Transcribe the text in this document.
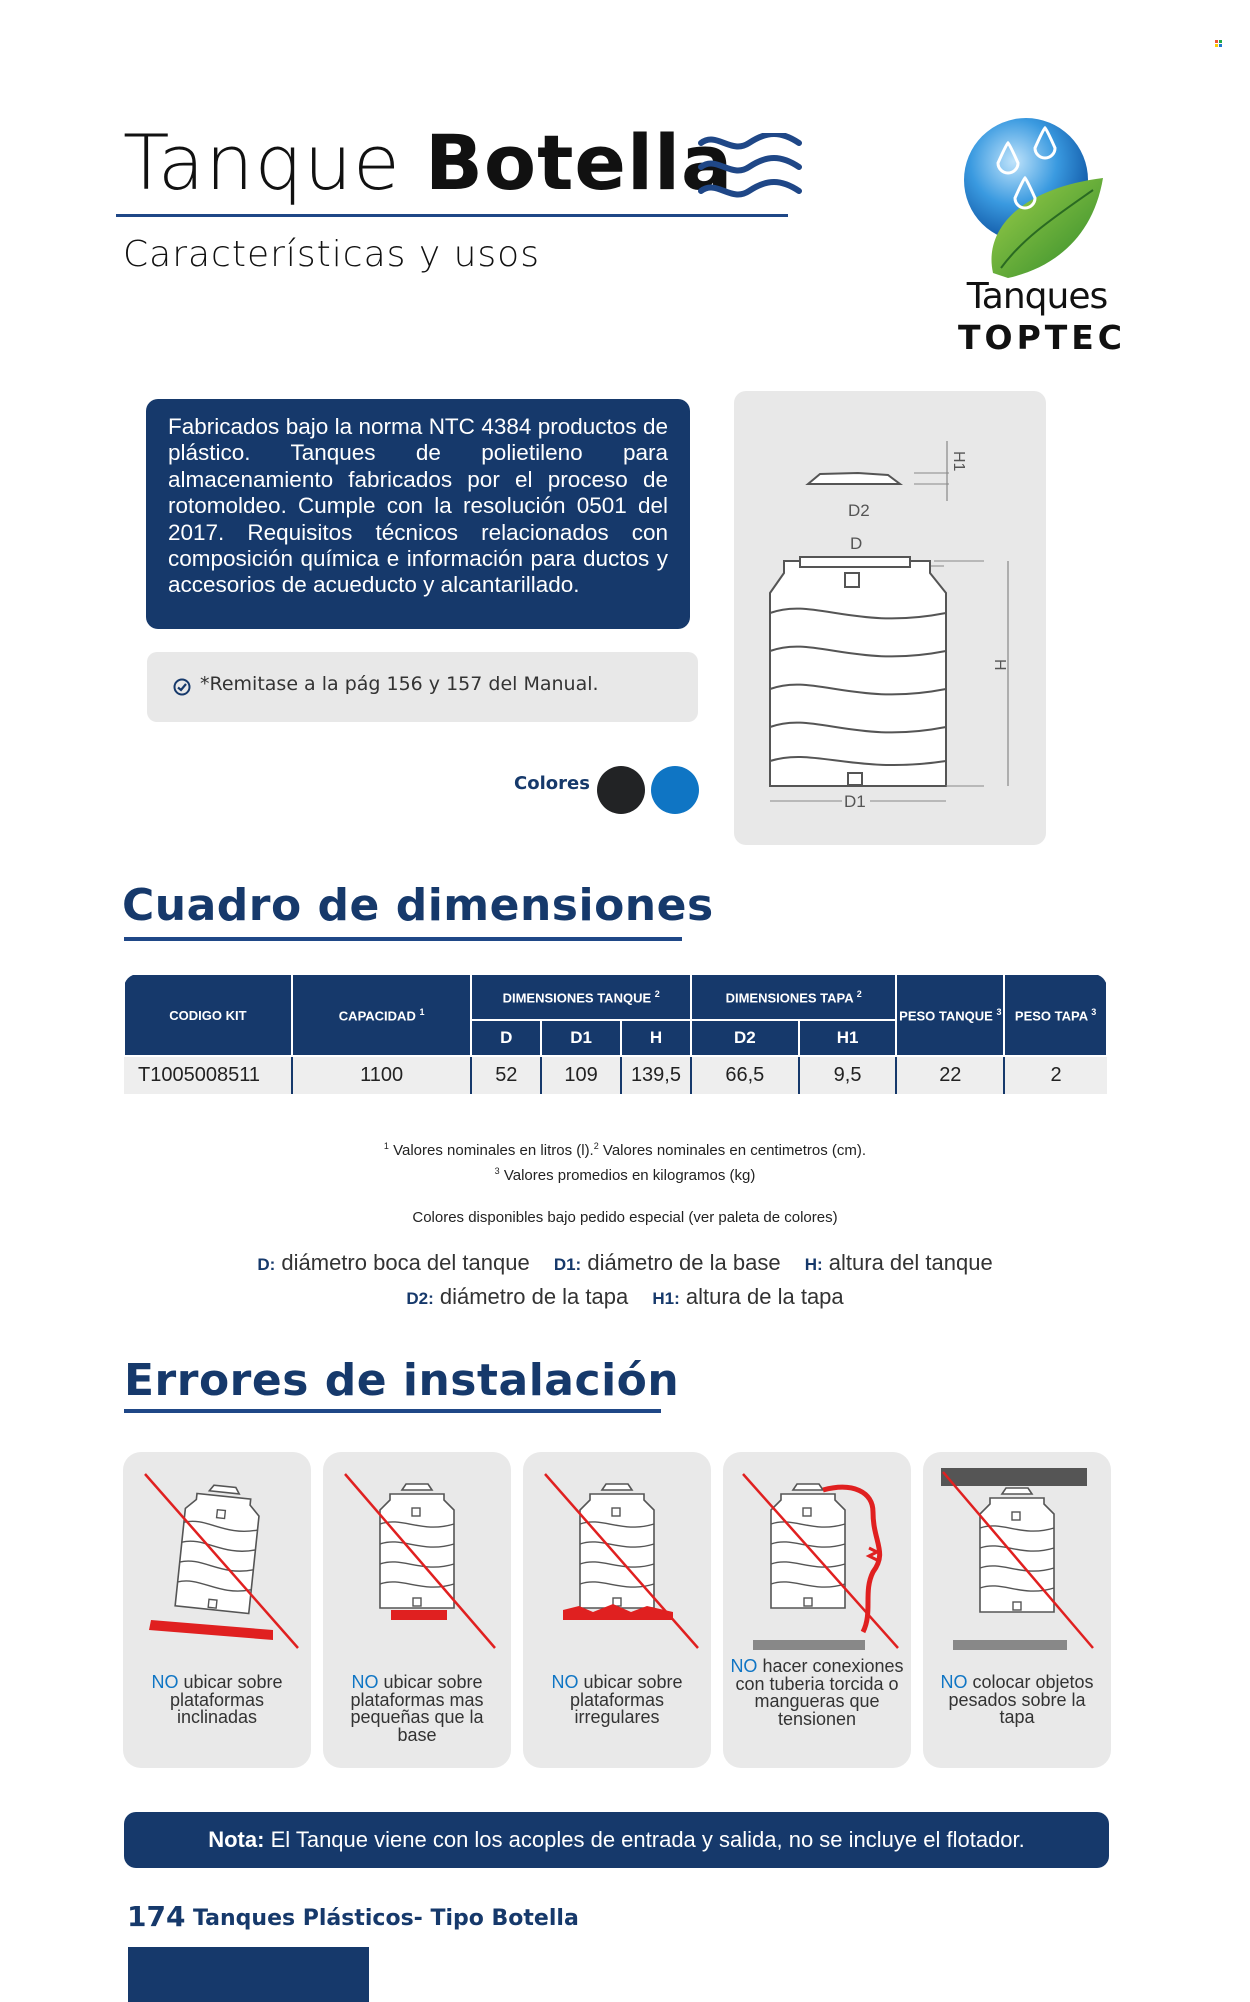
Tanque Botella
Características y usos
Tanques
TOPTEC
Fabricados bajo la norma NTC 4384 productos de plástico. Tanques de polietileno para almacenamiento fabricados por el proceso de rotomoldeo. Cumple con la resolución 0501 del 2017. Requisitos técnicos relacionados con composición química e información para ductos y accesorios de acueducto y alcantarillado.
*Remitase a la pág 156 y 157 del Manual.
Colores
D2
D
H1
H
D1
Cuadro de dimensiones
CODIGO KIT	CAPACIDAD $^1$	DIMENSIONES TANQUE $^2$			DIMENSIONES TAPA $^2$		PESO TANQUE $^3$	PESO TAPA $^3$
		D	D1	H	D2	H1		
T1005008511	1100	52	109	139,5	66,5	9,5	22	2
$^1$ Valores nominales en litros (l).$^2$ Valores nominales en centimetros (cm).
$^3$ Valores promedios en kilogramos (kg)
Colores disponibles bajo pedido especial (ver paleta de colores)
D: diámetro boca del tanque D1: diámetro de la base H: altura del tanque
D2: diámetro de la tapa H1: altura de la tapa
Errores de instalación
NO ubicar sobre plataformas inclinadas
NO ubicar sobre plataformas mas pequeñas que la base
NO ubicar sobre plataformas irregulares
NO hacer conexiones con tuberia torcida o mangueras que tensionen
NO colocar objetos pesados sobre la tapa
Nota: El Tanque viene con los acoples de entrada y salida, no se incluye el flotador.
174 Tanques Plásticos- Tipo Botella
